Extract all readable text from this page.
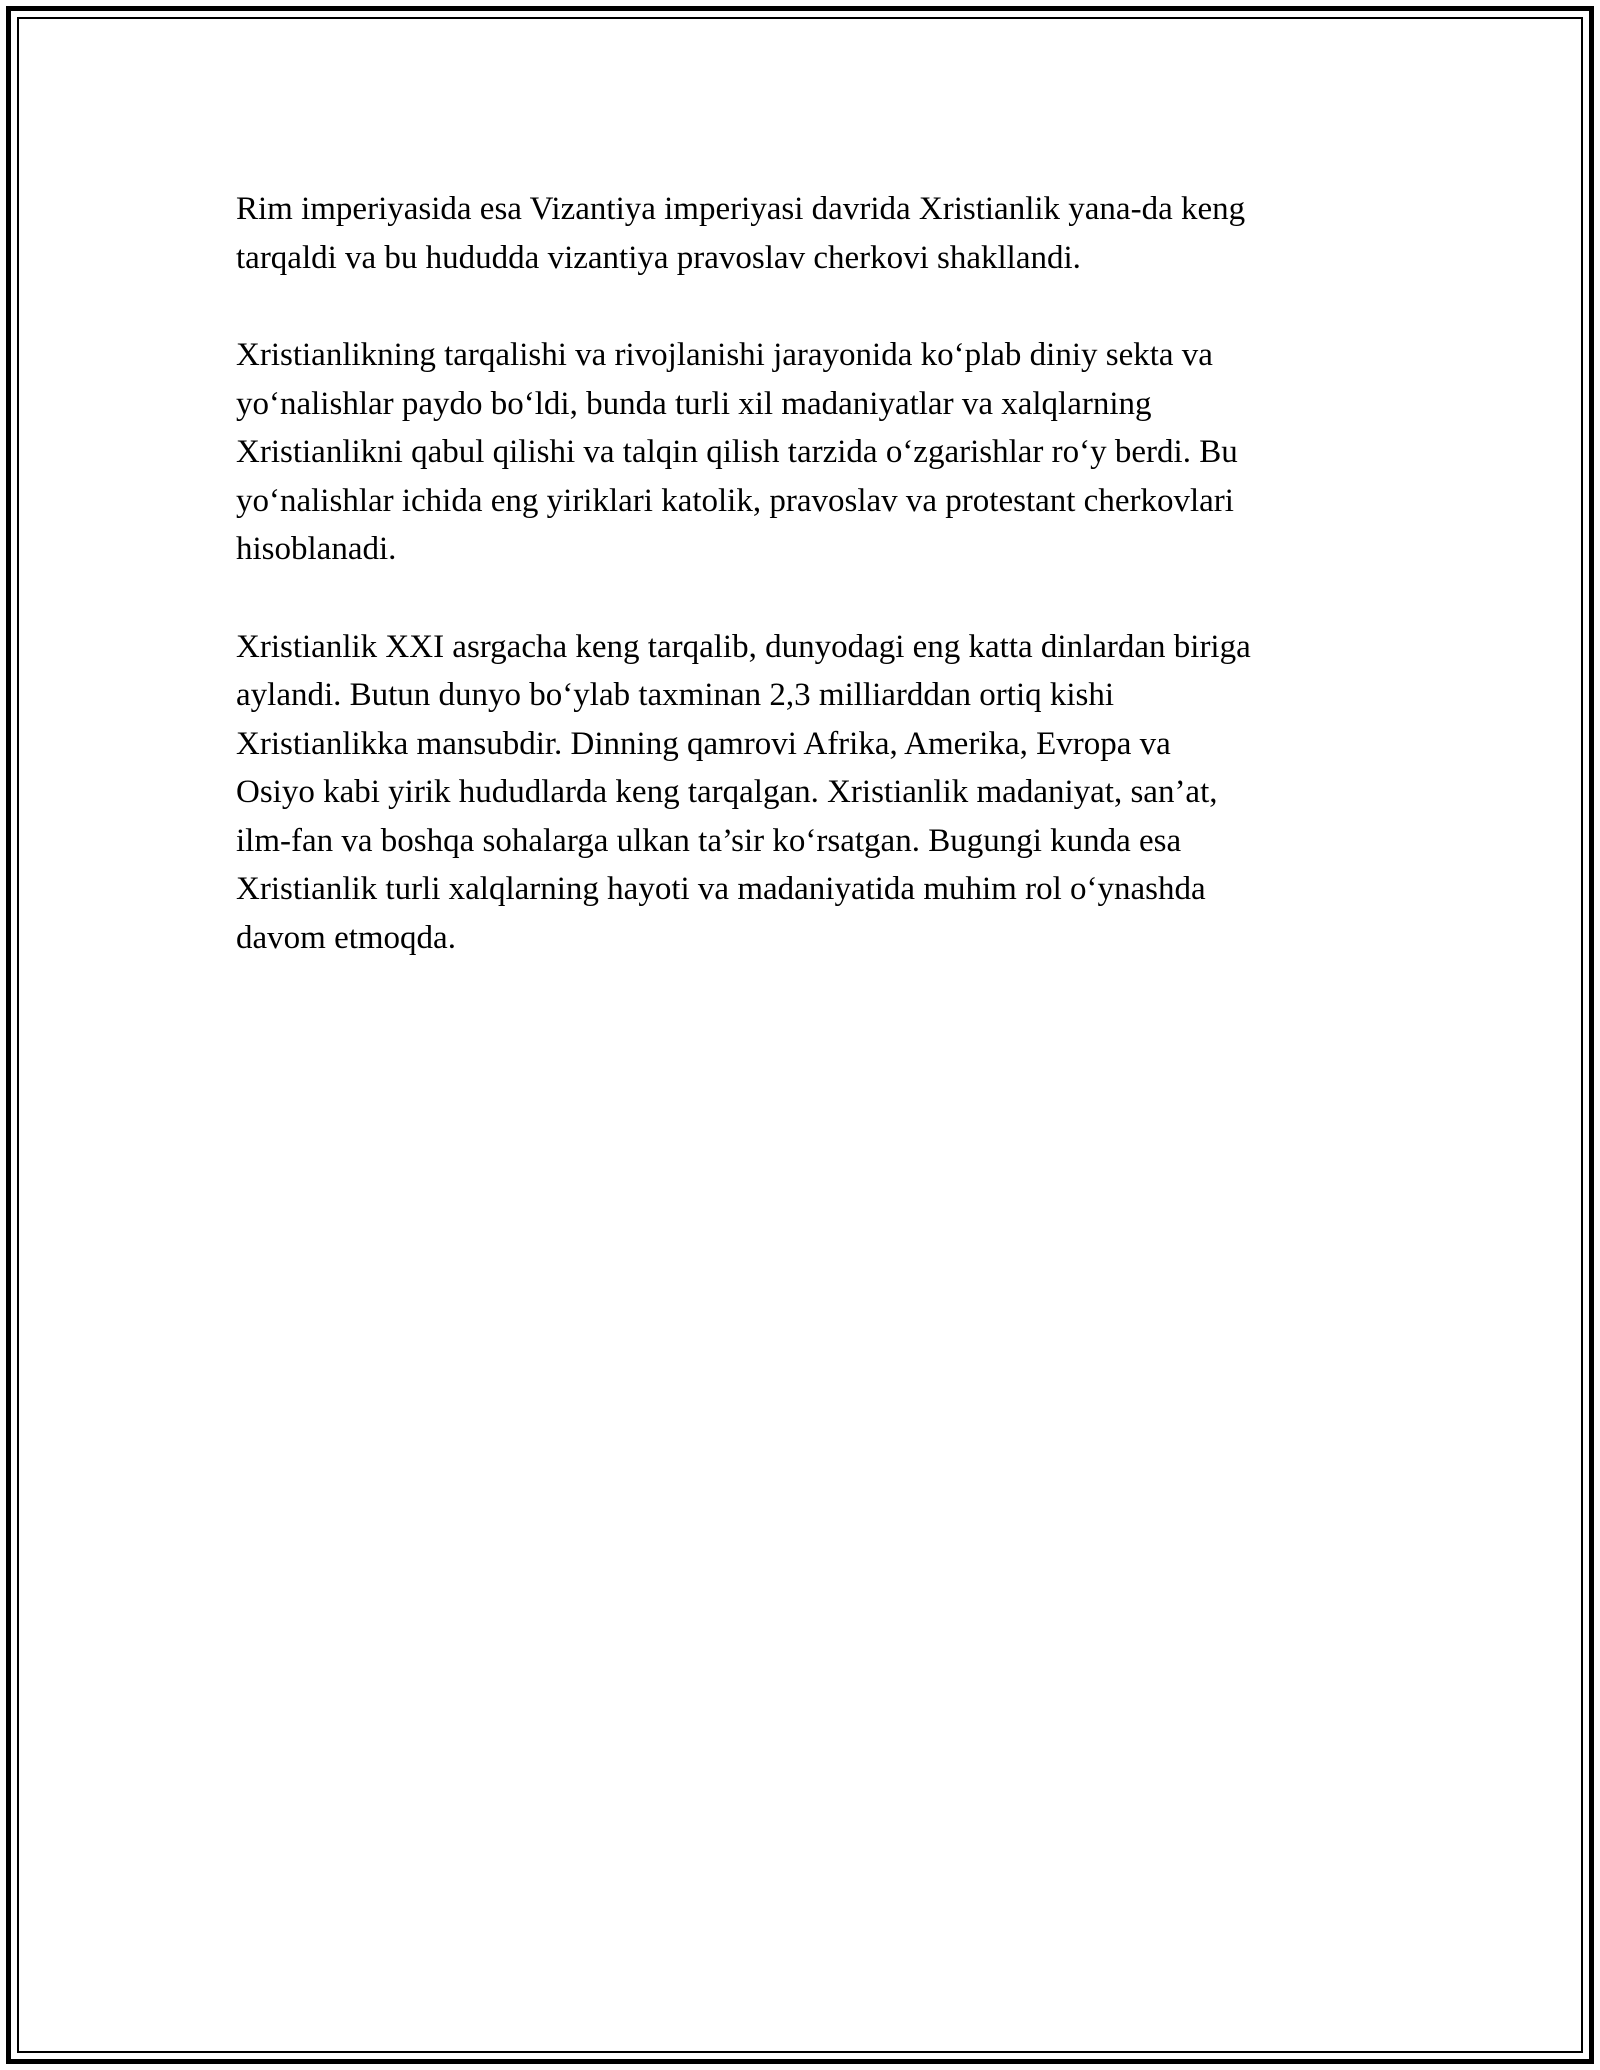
Rim imperiyasida esa Vizantiya imperiyasi davrida Xristianlik yana-da keng
tarqaldi va bu hududda vizantiya pravoslav cherkovi shakllandi.

Xristianlikning tarqalishi va rivojlanishi jarayonida ko‘plab diniy sekta va
yo‘nalishlar paydo bo‘ldi, bunda turli xil madaniyatlar va xalqlarning
Xristianlikni qabul qilishi va talqin qilish tarzida o‘zgarishlar ro‘y berdi. Bu
yo‘nalishlar ichida eng yiriklari katolik, pravoslav va protestant cherkovlari
hisoblanadi.

Xristianlik XXI asrgacha keng tarqalib, dunyodagi eng katta dinlardan biriga
aylandi. Butun dunyo bo‘ylab taxminan 2,3 milliarddan ortiq kishi
Xristianlikka mansubdir. Dinning qamrovi Afrika, Amerika, Evropa va
Osiyo kabi yirik hududlarda keng tarqalgan. Xristianlik madaniyat, san’at,
ilm-fan va boshqa sohalarga ulkan ta’sir ko‘rsatgan. Bugungi kunda esa
Xristianlik turli xalqlarning hayoti va madaniyatida muhim rol o‘ynashda
davom etmoqda.
